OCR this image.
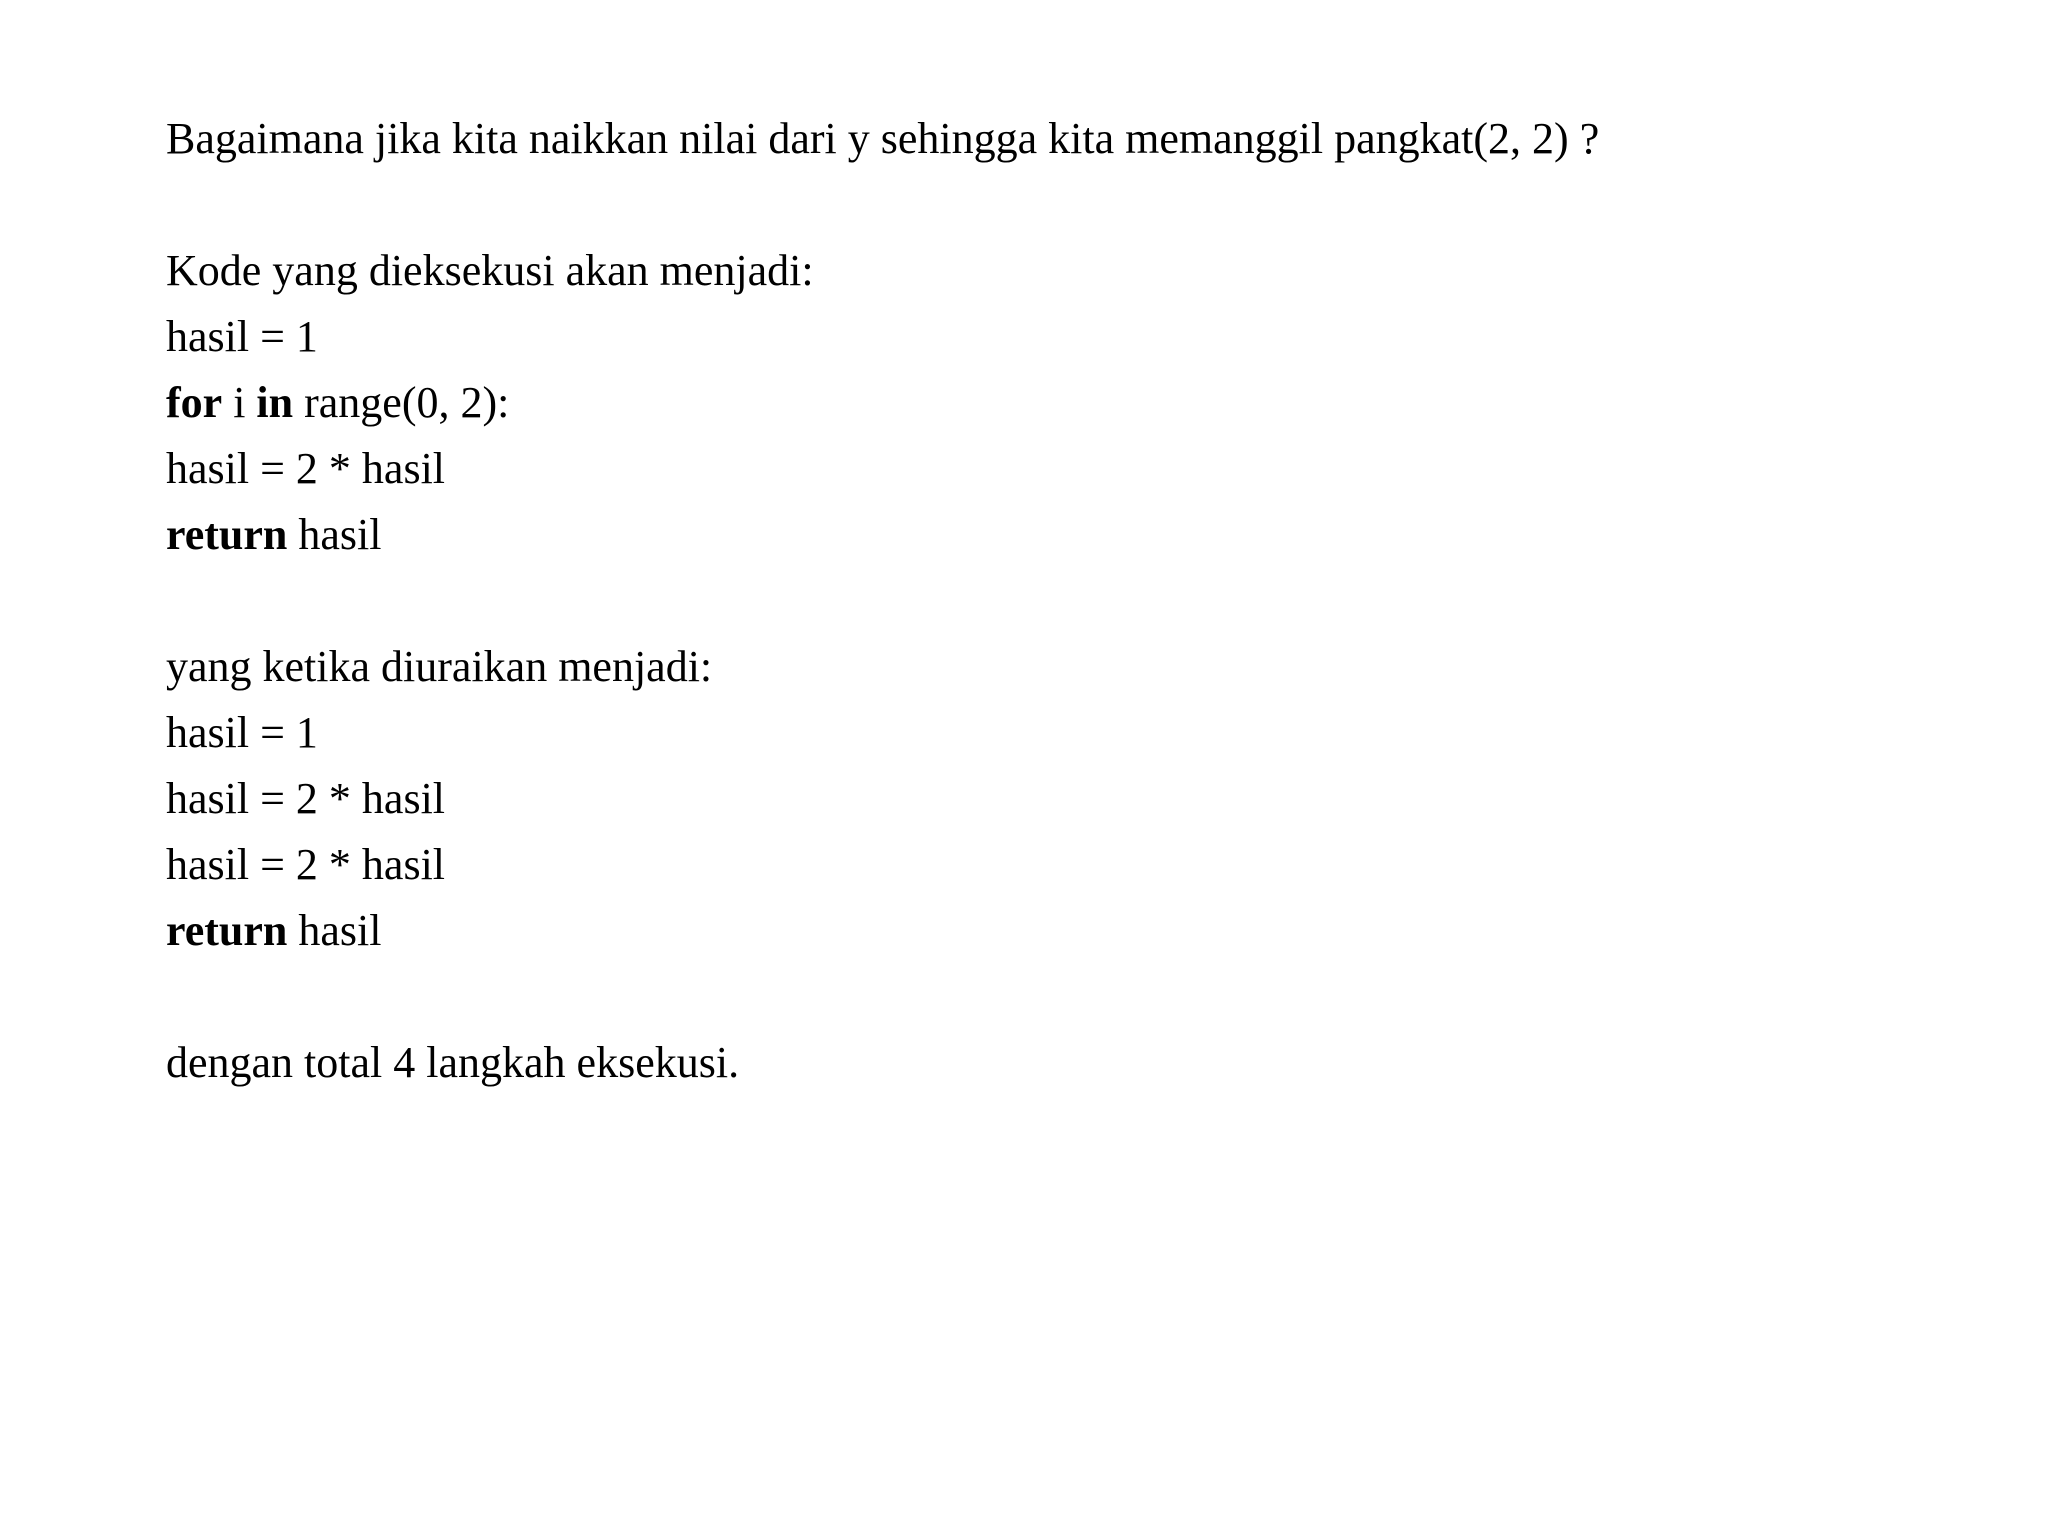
Bagaimana jika kita naikkan nilai dari y sehingga kita memanggil pangkat(2, 2) ?
Kode yang dieksekusi akan menjadi:
hasil = 1
for i in range(0, 2):
hasil = 2 * hasil
return hasil
yang ketika diuraikan menjadi:
hasil = 1
hasil = 2 * hasil
hasil = 2 * hasil
return hasil
dengan total 4 langkah eksekusi.
